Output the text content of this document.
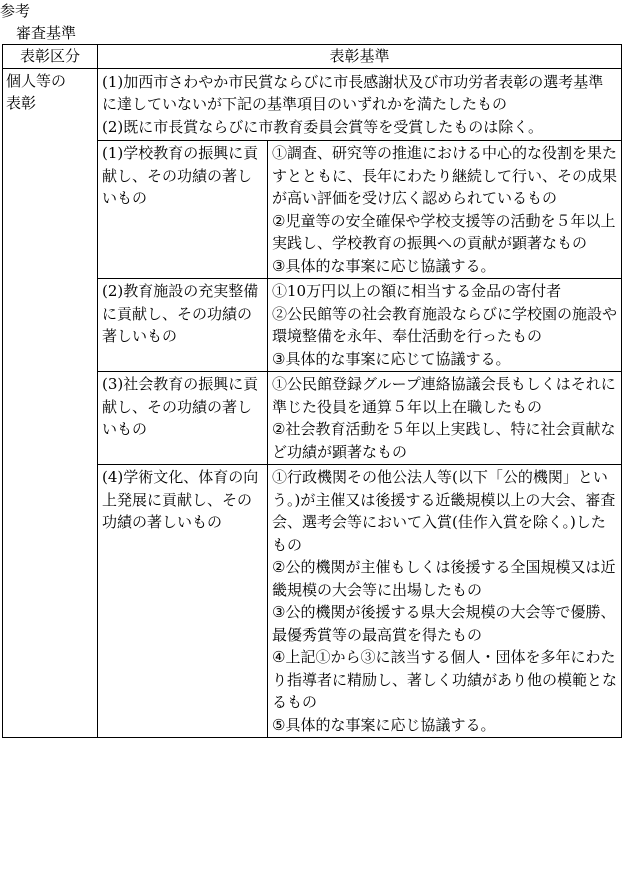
参考
審査基準
表彰区分	表彰基準
個人等の
表彰	
(1)加西市さわやか市民賞ならびに市長感謝状及び市功労者表彰の選考基準に達していないが下記の基準項目のいずれかを満たしたもの
(2)既に市長賞ならびに市教育委員会賞等を受賞したものは除く。
(1)学校教育の振興に貢献し、その功績の著しいもの	①調査、研究等の推進における中心的な役割を果たすとともに、長年にわたり継続して行い、その成果が高い評価を受け広く認められているもの
②児童等の安全確保や学校支援等の活動を５年以上実践し、学校教育の振興への貢献が顕著なもの
③具体的な事案に応じ協議する。
(2)教育施設の充実整備に貢献し、その功績の著しいもの	①10万円以上の額に相当する金品の寄付者
②公民館等の社会教育施設ならびに学校園の施設や環境整備を永年、奉仕活動を行ったもの
③具体的な事案に応じて協議する。
(3)社会教育の振興に貢献し、その功績の著しいもの	①公民館登録グループ連絡協議会長もしくはそれに準じた役員を通算５年以上在職したもの
②社会教育活動を５年以上実践し、特に社会貢献など功績が顕著なもの
(4)学術文化、体育の向上発展に貢献し、その功績の著しいもの	①行政機関その他公法人等(以下「公的機関」という。)が主催又は後援する近畿規模以上の大会、審査会、選考会等において入賞(佳作入賞を除く。)したもの
②公的機関が主催もしくは後援する全国規模又は近畿規模の大会等に出場したもの
③公的機関が後援する県大会規模の大会等で優勝、最優秀賞等の最高賞を得たもの
④上記①から③に該当する個人・団体を多年にわたり指導者に精励し、著しく功績があり他の模範となるもの
⑤具体的な事案に応じ協議する。
